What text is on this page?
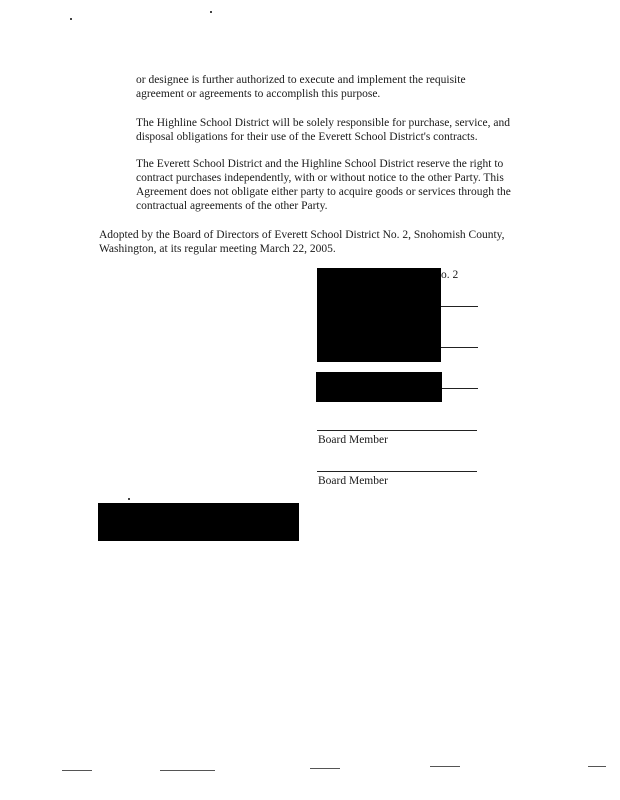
or designee is further authorized to execute and implement the requisite
agreement or agreements to accomplish this purpose.
The Highline School District will be solely responsible for purchase, service, and
disposal obligations for their use of the Everett School District's contracts.
The Everett School District and the Highline School District reserve the right to
contract purchases independently, with or without notice to the other Party. This
Agreement does not obligate either party to acquire goods or services through the
contractual agreements of the other Party.
Adopted by the Board of Directors of Everett School District No. 2, Snohomish County,
Washington, at its regular meeting March 22, 2005.
o. 2
Board Member
Board Member
